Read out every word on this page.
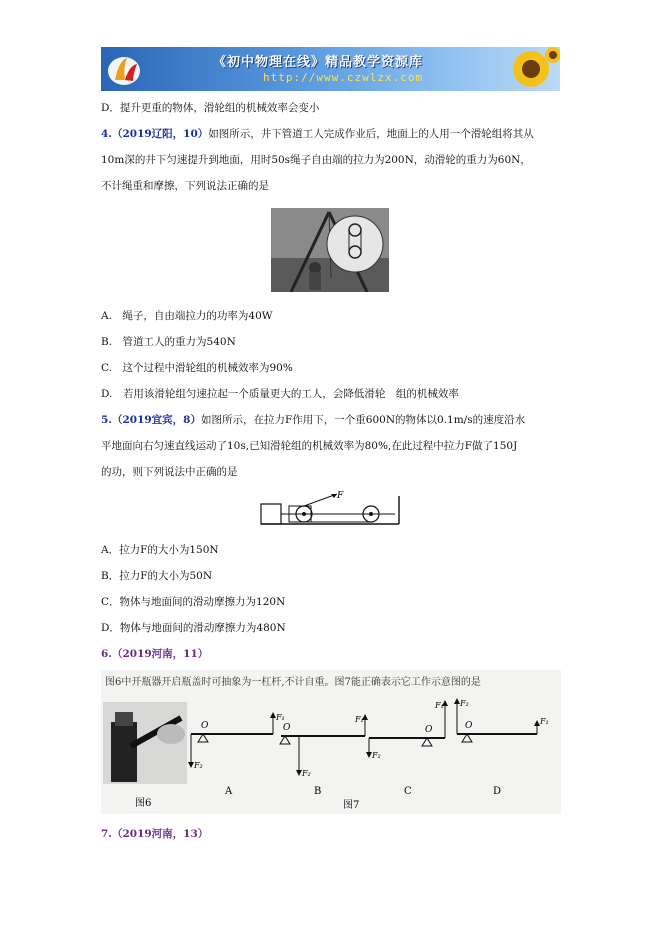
《初中物理在线》精品教学资源库
http://www.czwlzx.com
D．提升更重的物体，滑轮组的机械效率会变小
4.（2019辽阳，10）如图所示，井下管道工人完成作业后，地面上的人用一个滑轮组将其从
10m深的井下匀速提升到地面，用时50s绳子自由端的拉力为200N，动滑轮的重力为60N，
不计绳重和摩擦，下列说法正确的是
A.　绳子，自由端拉力的功率为40W
B.　管道工人的重力为540N
C.　这个过程中滑轮组的机械效率为90%
D.　若用该滑轮组匀速拉起一个质量更大的工人，会降低滑轮　组的机械效率
5.（2019宜宾，8）如图所示，在拉力F作用下，一个重600N的物体以0.1m/s的速度沿水
平地面向右匀速直线运动了10s,已知滑轮组的机械效率为80%,在此过程中拉力F做了150J
的功，则下列说法中正确的是
F
A．拉力F的大小为150N
B．拉力F的大小为50N
C．物体与地面间的滑动摩擦力为120N
D．物体与地面间的滑动摩擦力为480N
6.（2019河南，11）
图6中开瓶器开启瓶盖时可抽象为一杠杆,不计自重。图7能正确表示它工作示意图的是
图6
O
F₂
F₁
A
O
F₂
F₁
B
O
F₂
F₁
C
O
F₂
F₁
D
图7
7.（2019河南，13）
